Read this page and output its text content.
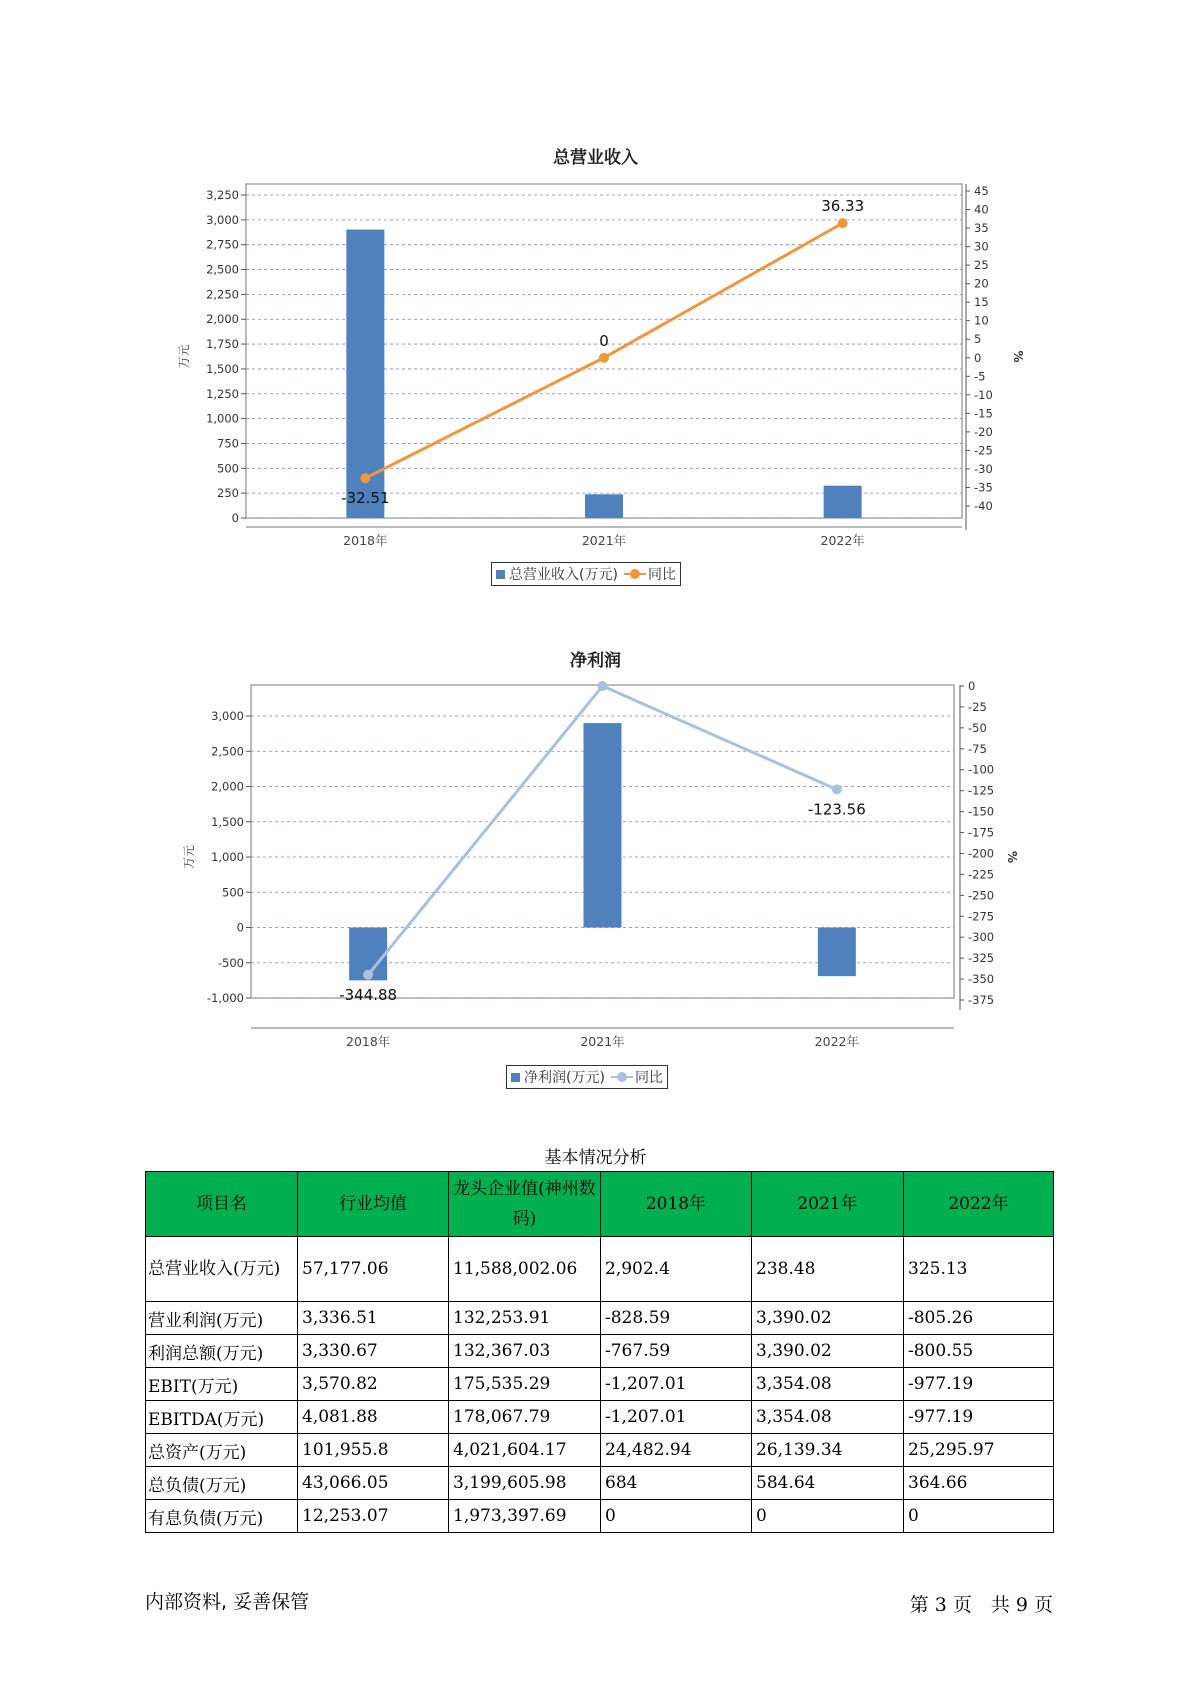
总营业收入
0
250
500
750
1,000
1,250
1,500
1,750
2,000
2,250
2,500
2,750
3,000
3,250
-40
-35
-30
-25
-20
-15
-10
-5
0
5
10
15
20
25
30
35
40
45
万元	%
2018年	2021年	2022年
-32.51
0
36.33
总营业收入(万元) 同比
净利润
-1,000
-500
0
500
1,000
1,500
2,000
2,500
3,000
-375
-350
-325
-300
-275
-250
-225
-200
-175
-150
-125
-100
-75
-50
-25
0
万元	%
2018年	2021年	2022年
-344.88
-123.56
净利润(万元) 同比
基本情况分析
项目名	行业均值	龙头企业值(神州数码)	2018年	2021年	2022年
总营业收入(万元)	57,177.06	11,588,002.06	2,902.4	238.48	325.13
营业利润(万元)	3,336.51	132,253.91	-828.59	3,390.02	-805.26
利润总额(万元)	3,330.67	132,367.03	-767.59	3,390.02	-800.55
EBIT(万元)	3,570.82	175,535.29	-1,207.01	3,354.08	-977.19
EBITDA(万元)	4,081.88	178,067.79	-1,207.01	3,354.08	-977.19
总资产(万元)	101,955.8	4,021,604.17	24,482.94	26,139.34	25,295.97
总负债(万元)	43,066.05	3,199,605.98	684	584.64	364.66
有息负债(万元)	12,253.07	1,973,397.69	0	0	0
内部资料, 妥善保管	第 3 页　共 9 页
